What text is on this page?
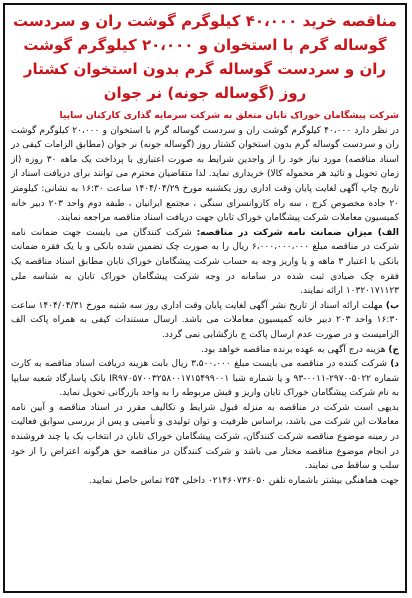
مناقصه خرید ۴۰،۰۰۰ کیلوگرم گوشت ران و سردست گوساله گرم با استخوان و ۲۰،۰۰۰ کیلوگرم گوشت ران و سردست گوساله گرم بدون استخوان کشتار روز (گوساله جونه) نر جوان

شرکت پیشگامان خوراک تابان متعلق به شرکت سرمایه گذاری کارکنان ساپیا

در نظر دارد ۴۰،۰۰۰ کیلوگرم گوشت ران و سردست گوساله گرم با استخوان و ۲۰،۰۰۰ کیلوگرم گوشت ران و سردست گوساله گرم بدون استخوان کشتار روز (گوساله جونه) نر جوان (مطابق الزامات کیفی در اسناد مناقصه) مورد نیاز خود را از واجدین شرایط به صورت اعتباری با پرداخت یک ماهه ۳۰ روزه (از زمان تحویل و تائید هر محموله کالا) خریداری نماید. لذا متقاضیان محترم می توانند برای دریافت اسناد از تاریخ چاپ آگهی لغایت پایان وقت اداری روز یکشنبه مورخ ۱۴۰۴/۰۴/۲۹ ساعت ۱۶:۳۰ به نشانی: کیلومتر ۲۰ جاده مخصوص کرج ، سه راه کاروانسرای سنگی ، مجتمع ایرانیان ، طبقه دوم واحد ۲۰۳ دبیر خانه کمیسیون معاملات شرکت پیشگامان خوراک تابان جهت دریافت اسناد مناقصه مراجعه نمایند.

الف) میزان ضمانت نامه شرکت در مناقصه: شرکت کنندگان می بایست جهت ضمانت نامه شرکت در مناقصه مبلغ ۶،۰۰۰،۰۰۰،۰۰۰ ریال را به صورت چک تضمین شده بانکی و یا یک فقره ضمانت بانکی با اعتبار ۳ ماهه و یا واریز وجه به حساب شرکت پیشگامان خوراک تابان مطابق اسناد مناقصه یک فقره چک صیادی ثبت شده در سامانه در وجه شرکت پیشگامان خوراک تابان به شناسه ملی ۱۰۳۲۰۱۷۱۱۲۳ ارائه نمایند.

ب) مهلت ارائه اسناد از تاریخ نشر آگهی لغایت پایان وقت اداری روز سه شنبه مورخ ۱۴۰۴/۰۴/۳۱ ساعت ۱۶:۳۰ واحد ۲۰۳ دبیر خانه کمیسیون معاملات می باشد. ارسال مستندات کیفی به همراه پاکت الف الزامیست و در صورت عدم ارسال پاکت ج بازگشایی نمی گردد.

ج) هزینه درج آگهی به عهده برنده مناقصه خواهد بود.

د) شرکت کننده در مناقصه می بایست مبلغ ۳،۵۰۰،۰۰۰ ریال بابت هزینه دریافت اسناد مناقصه به کارت شماره ۵۰۲۲-۲۹۷۰-۰۰۱۱-۹۳ و یا شماره شبا IR۹۷۰۵۷۰۰۳۲۵۸۰۰۱۷۱۵۴۹۹۰۰۱ بانک پاسارگاد شعبه سایپا به نام شرکت پیشگامان خوراک تابان واریز و فیش مربوطه را به واحد بازرگانی تحویل نماید.

بدیهی است شرکت در مناقصه به منزله قبول شرایط و تکالیف مقرر در اسناد مناقصه و آیین نامه معاملات این شرکت می باشد، براساس ظرفیت و توان تولیدی و تأمینی و پس از بررسی سوابق فعالیت در زمینه موضوع مناقصه شرکت کنندگان، شرکت پیشگامان خوراک تابان در انتخاب یک یا چند فروشنده در انجام موضوع مناقصه مختار می باشد و شرکت کنندگان در مناقصه حق هرگونه اعتراض را از خود سلب و ساقط می نمایند.

جهت هماهنگی بیشتر باشماره تلفن ۰۲۱۴۶۰۷۳۶۰۵۰ داخلی ۲۵۴ تماس حاصل نمایید.
